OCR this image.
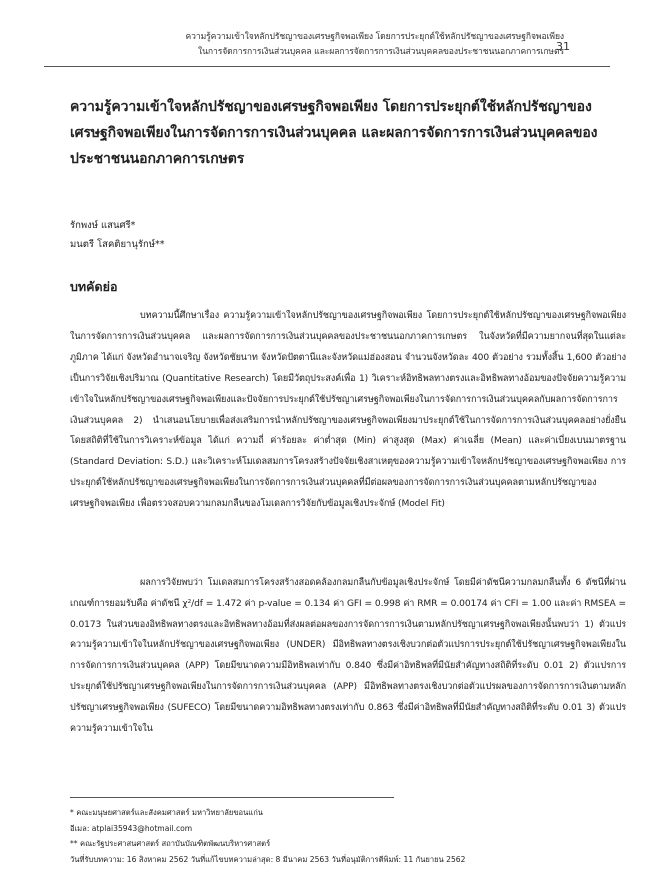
ความรู้ความเข้าใจหลักปรัชญาของเศรษฐกิจพอเพียง โดยการประยุกต์ใช้หลักปรัชญาของเศรษฐกิจพอเพียง
ในการจัดการการเงินส่วนบุคคล และผลการจัดการการเงินส่วนบุคคลของประชาชนนอกภาคการเกษตร
31
ความรู้ความเข้าใจหลักปรัชญาของเศรษฐกิจพอเพียง โดยการประยุกต์ใช้หลักปรัชญาของเศรษฐกิจพอเพียงในการจัดการการเงินส่วนบุคคล และผลการจัดการการเงินส่วนบุคคลของประชาชนนอกภาคการเกษตร
รักพงษ์ แสนศรี*
มนตรี โสคติยานุรักษ์**
บทคัดย่อ
บทความนี้ศึกษาเรื่อง ความรู้ความเข้าใจหลักปรัชญาของเศรษฐกิจพอเพียง โดยการประยุกต์ใช้หลักปรัชญาของเศรษฐกิจพอเพียงในการจัดการการเงินส่วนบุคคล และผลการจัดการการเงินส่วนบุคคลของประชาชนนอกภาคการเกษตร ในจังหวัดที่มีความยากจนที่สุดในแต่ละภูมิภาค ได้แก่ จังหวัดอำนาจเจริญ จังหวัดชัยนาท จังหวัดปัตตานีและจังหวัดแม่ฮ่องสอน จำนวนจังหวัดละ 400 ตัวอย่าง รวมทั้งสิ้น 1,600 ตัวอย่าง เป็นการวิจัยเชิงปริมาณ (Quantitative Research) โดยมีวัตถุประสงค์เพื่อ 1) วิเคราะห์อิทธิพลทางตรงและอิทธิพลทางอ้อมของปัจจัยความรู้ความเข้าใจในหลักปรัชญาของเศรษฐกิจพอเพียงและปัจจัยการประยุกต์ใช้ปรัชญาเศรษฐกิจพอเพียงในการจัดการการเงินส่วนบุคคลกับผลการจัดการการเงินส่วนบุคคล 2) นำเสนอนโยบายเพื่อส่งเสริมการนำหลักปรัชญาของเศรษฐกิจพอเพียงมาประยุกต์ใช้ในการจัดการการเงินส่วนบุคคลอย่างยั่งยืน โดยสถิติที่ใช้ในการวิเคราะห์ข้อมูล ได้แก่ ความถี่ ค่าร้อยละ ค่าต่ำสุด (Min) ค่าสูงสุด (Max) ค่าเฉลี่ย (Mean) และค่าเบี่ยงเบนมาตรฐาน (Standard Deviation: S.D.) และวิเคราะห์โมเดลสมการโครงสร้างปัจจัยเชิงสาเหตุของความรู้ความเข้าใจหลักปรัชญาของเศรษฐกิจพอเพียง การประยุกต์ใช้หลักปรัชญาของเศรษฐกิจพอเพียงในการจัดการการเงินส่วนบุคคลที่มีต่อผลของการจัดการการเงินส่วนบุคคลตามหลักปรัชญาของเศรษฐกิจพอเพียง เพื่อตรวจสอบความกลมกลืนของโมเดลการวิจัยกับข้อมูลเชิงประจักษ์ (Model Fit)
ผลการวิจัยพบว่า โมเดลสมการโครงสร้างสอดคล้องกลมกลืนกับข้อมูลเชิงประจักษ์ โดยมีค่าดัชนีความกลมกลืนทั้ง 6 ดัชนีที่ผ่านเกณฑ์การยอมรับคือ ค่าดัชนี χ²/df = 1.472 ค่า p-value = 0.134 ค่า GFI = 0.998 ค่า RMR = 0.00174 ค่า CFI = 1.00 และค่า RMSEA = 0.0173 ในส่วนของอิทธิพลทางตรงและอิทธิพลทางอ้อมที่ส่งผลต่อผลของการจัดการการเงินตามหลักปรัชญาเศรษฐกิจพอเพียงนั้นพบว่า 1) ตัวแปรความรู้ความเข้าใจในหลักปรัชญาของเศรษฐกิจพอเพียง (UNDER) มีอิทธิพลทางตรงเชิงบวกต่อตัวแปรการประยุกต์ใช้ปรัชญาเศรษฐกิจพอเพียงในการจัดการการเงินส่วนบุคคล (APP) โดยมีขนาดความมีอิทธิพลเท่ากับ 0.840 ซึ่งมีค่าอิทธิพลที่มีนัยสำคัญทางสถิติที่ระดับ 0.01 2) ตัวแปรการประยุกต์ใช้ปรัชญาเศรษฐกิจพอเพียงในการจัดการการเงินส่วนบุคคล (APP) มีอิทธิพลทางตรงเชิงบวกต่อตัวแปรผลของการจัดการการเงินตามหลักปรัชญาเศรษฐกิจพอเพียง (SUFECO) โดยมีขนาดความอิทธิพลทางตรงเท่ากับ 0.863 ซึ่งมีค่าอิทธิพลที่มีนัยสำคัญทางสถิติที่ระดับ 0.01 3) ตัวแปรความรู้ความเข้าใจใน
* คณะมนุษยศาสตร์และสังคมศาสตร์ มหาวิทยาลัยขอนแก่น
อีเมล: atplai35943@hotmail.com
** คณะรัฐประศาสนศาสตร์ สถาบันบัณฑิตพัฒนบริหารศาสตร์
วันที่รับบทความ: 16 สิงหาคม 2562 วันที่แก้ไขบทความล่าสุด: 8 มีนาคม 2563 วันที่อนุมัติการตีพิมพ์: 11 กันยายน 2562
